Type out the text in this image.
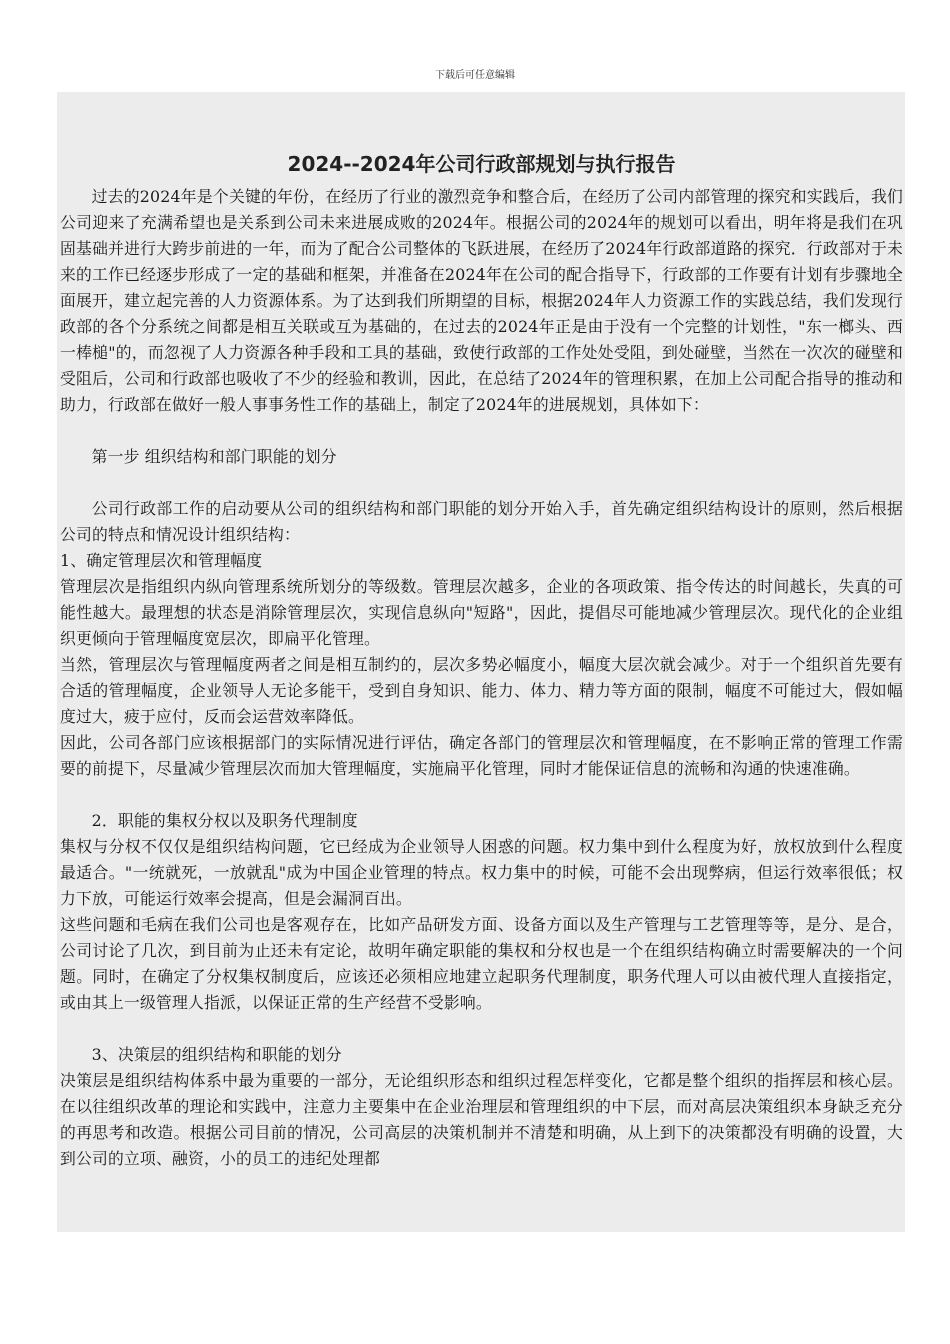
下载后可任意编辑
2024--2024年公司行政部规划与执行报告

过去的2024年是个关键的年份，在经历了行业的激烈竞争和整合后，在经历了公司内部管理的探究和实践后，我们公司迎来了充满希望也是关系到公司未来进展成败的2024年。根据公司的2024年的规划可以看出，明年将是我们在巩固基础并进行大跨步前进的一年，而为了配合公司整体的飞跃进展，在经历了2024年行政部道路的探究．行政部对于未来的工作已经逐步形成了一定的基础和框架，并准备在2024年在公司的配合指导下，行政部的工作要有计划有步骤地全面展开，建立起完善的人力资源体系。为了达到我们所期望的目标，根据2024年人力资源工作的实践总结，我们发现行政部的各个分系统之间都是相互关联或互为基础的，在过去的2024年正是由于没有一个完整的计划性，"东一榔头、西一棒槌"的，而忽视了人力资源各种手段和工具的基础，致使行政部的工作处处受阻，到处碰壁，当然在一次次的碰壁和受阻后，公司和行政部也吸收了不少的经验和教训，因此，在总结了2024年的管理积累，在加上公司配合指导的推动和助力，行政部在做好一般人事事务性工作的基础上，制定了2024年的进展规划，具体如下：

第一步 组织结构和部门职能的划分

公司行政部工作的启动要从公司的组织结构和部门职能的划分开始入手，首先确定组织结构设计的原则，然后根据公司的特点和情况设计组织结构：

1、确定管理层次和管理幅度

管理层次是指组织内纵向管理系统所划分的等级数。管理层次越多，企业的各项政策、指令传达的时间越长，失真的可能性越大。最理想的状态是消除管理层次，实现信息纵向"短路"，因此，提倡尽可能地减少管理层次。现代化的企业组织更倾向于管理幅度宽层次，即扁平化管理。

当然，管理层次与管理幅度两者之间是相互制约的，层次多势必幅度小，幅度大层次就会减少。对于一个组织首先要有合适的管理幅度，企业领导人无论多能干，受到自身知识、能力、体力、精力等方面的限制，幅度不可能过大，假如幅度过大，疲于应付，反而会运营效率降低。

因此，公司各部门应该根据部门的实际情况进行评估，确定各部门的管理层次和管理幅度，在不影响正常的管理工作需要的前提下，尽量减少管理层次而加大管理幅度，实施扁平化管理，同时才能保证信息的流畅和沟通的快速准确。

2．职能的集权分权以及职务代理制度

集权与分权不仅仅是组织结构问题，它已经成为企业领导人困惑的问题。权力集中到什么程度为好，放权放到什么程度最适合。"一统就死，一放就乱"成为中国企业管理的特点。权力集中的时候，可能不会出现弊病，但运行效率很低；权力下放，可能运行效率会提高，但是会漏洞百出。

这些问题和毛病在我们公司也是客观存在，比如产品研发方面、设备方面以及生产管理与工艺管理等等，是分、是合，公司讨论了几次，到目前为止还未有定论，故明年确定职能的集权和分权也是一个在组织结构确立时需要解决的一个问题。同时，在确定了分权集权制度后，应该还必须相应地建立起职务代理制度，职务代理人可以由被代理人直接指定，或由其上一级管理人指派，以保证正常的生产经营不受影响。

3、决策层的组织结构和职能的划分

决策层是组织结构体系中最为重要的一部分，无论组织形态和组织过程怎样变化，它都是整个组织的指挥层和核心层。在以往组织改革的理论和实践中，注意力主要集中在企业治理层和管理组织的中下层，而对高层决策组织本身缺乏充分的再思考和改造。根据公司目前的情况，公司高层的决策机制并不清楚和明确，从上到下的决策都没有明确的设置，大到公司的立项、融资，小的员工的违纪处理都
